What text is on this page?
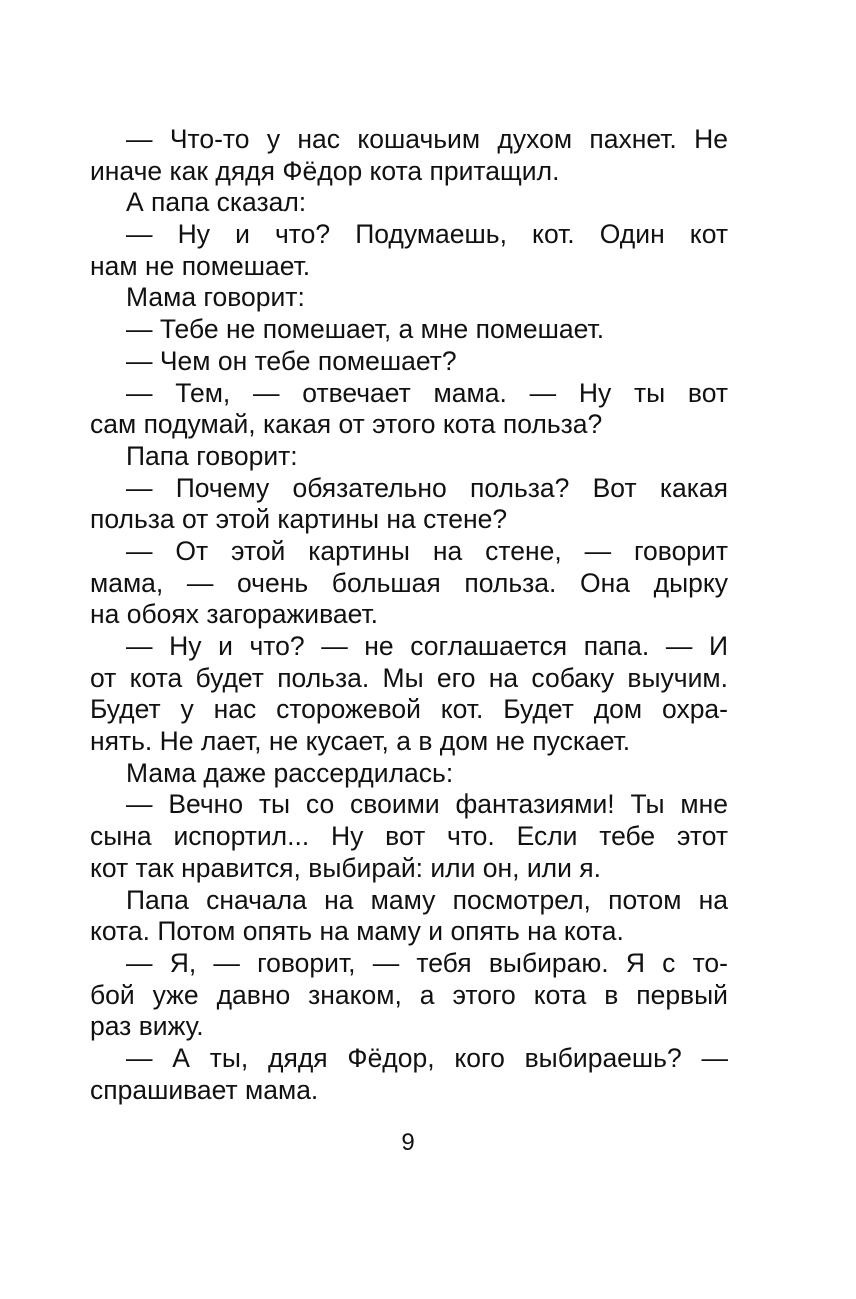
— Что-то у нас кошачьим духом пахнет. Не
иначе как дядя Фёдор кота притащил.
А папа сказал:
— Ну и что? Подумаешь, кот. Один кот
нам не помешает.
Мама говорит:
— Тебе не помешает, а мне помешает.
— Чем он тебе помешает?
— Тем, — отвечает мама. — Ну ты вот
сам подумай, какая от этого кота польза?
Папа говорит:
— Почему обязательно польза? Вот какая
польза от этой картины на стене?
— От этой картины на стене, — говорит
мама, — очень большая польза. Она дырку
на обоях загораживает.
— Ну и что? — не соглашается папа. — И
от кота будет польза. Мы его на собаку выучим.
Будет у нас сторожевой кот. Будет дом охра-
нять. Не лает, не кусает, а в дом не пускает.
Мама даже рассердилась:
— Вечно ты со своими фантазиями! Ты мне
сына испортил... Ну вот что. Если тебе этот
кот так нравится, выбирай: или он, или я.
Папа сначала на маму посмотрел, потом на
кота. Потом опять на маму и опять на кота.
— Я, — говорит, — тебя выбираю. Я с то-
бой уже давно знаком, а этого кота в первый
раз вижу.
— А ты, дядя Фёдор, кого выбираешь? —
спрашивает мама.
9
